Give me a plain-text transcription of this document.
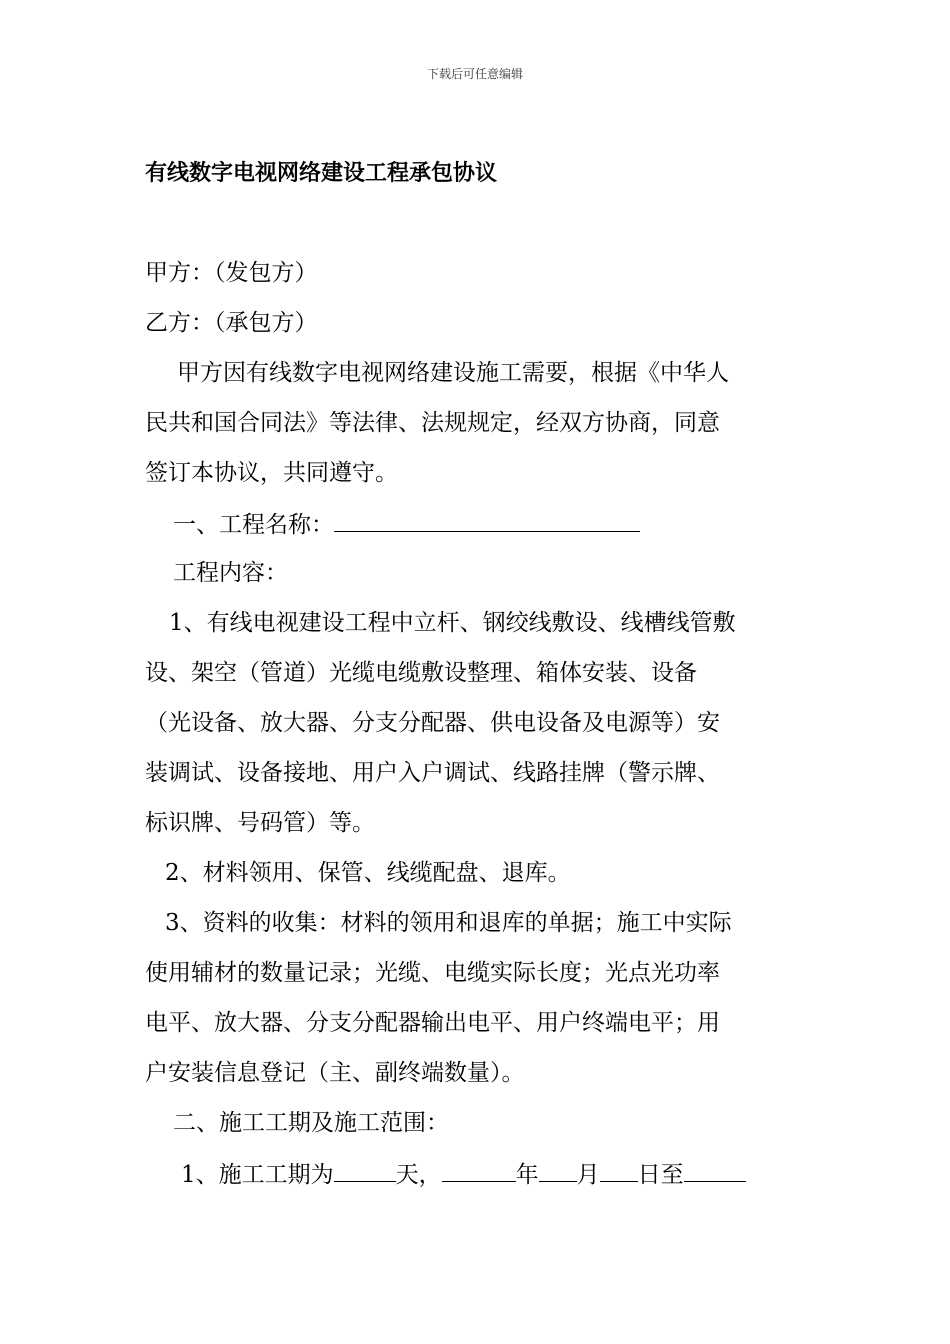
下载后可任意编辑
有线数字电视网络建设工程承包协议
甲方：（发包方）
乙方：（承包方）
甲方因有线数字电视网络建设施工需要，根据《中华人
民共和国合同法》等法律、法规规定，经双方协商，同意
签订本协议，共同遵守。
一、工程名称：
工程内容：
1、有线电视建设工程中立杆、钢绞线敷设、线槽线管敷
设、架空（管道）光缆电缆敷设整理、箱体安装、设备
（光设备、放大器、分支分配器、供电设备及电源等）安
装调试、设备接地、用户入户调试、线路挂牌（警示牌、
标识牌、号码管）等。
2、材料领用、保管、线缆配盘、退库。
3、资料的收集：材料的领用和退库的单据；施工中实际
使用辅材的数量记录；光缆、电缆实际长度；光点光功率
电平、放大器、分支分配器输出电平、用户终端电平；用
户安装信息登记（主、副终端数量）。
二、施工工期及施工范围：
1、施工工期为	天，	年 月 日至
